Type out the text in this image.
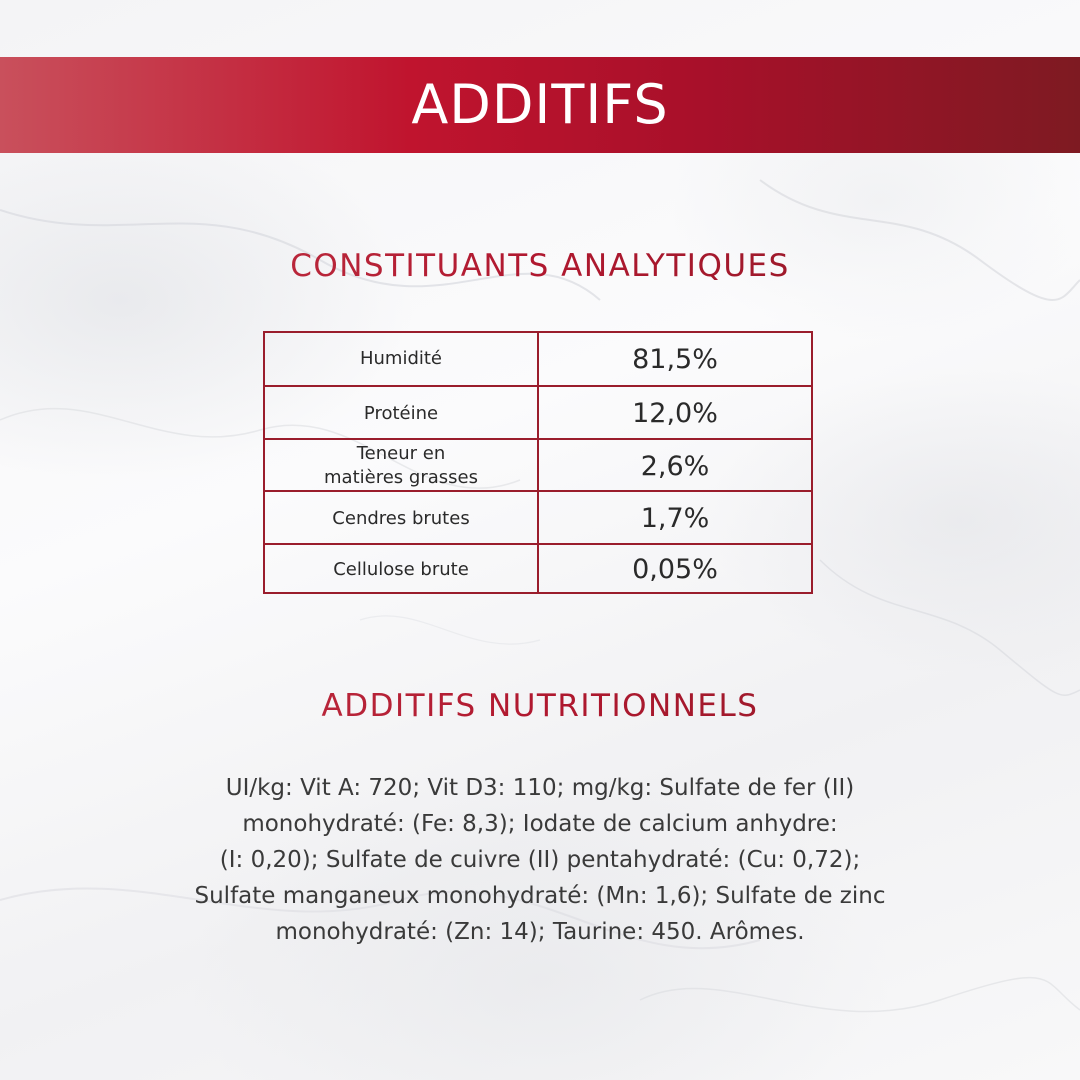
ADDITIFS
CONSTITUANTS ANALYTIQUES
Humidité	81,5%
Protéine	12,0%
Teneur en
matières grasses	2,6%
Cendres brutes	1,7%
Cellulose brute	0,05%
ADDITIFS NUTRITIONNELS
UI/kg: Vit A: 720; Vit D3: 110; mg/kg: Sulfate de fer (II)
monohydraté: (Fe: 8,3); Iodate de calcium anhydre:
(I: 0,20); Sulfate de cuivre (II) pentahydraté: (Cu: 0,72);
Sulfate manganeux monohydraté: (Mn: 1,6); Sulfate de zinc
monohydraté: (Zn: 14); Taurine: 450. Arômes.
